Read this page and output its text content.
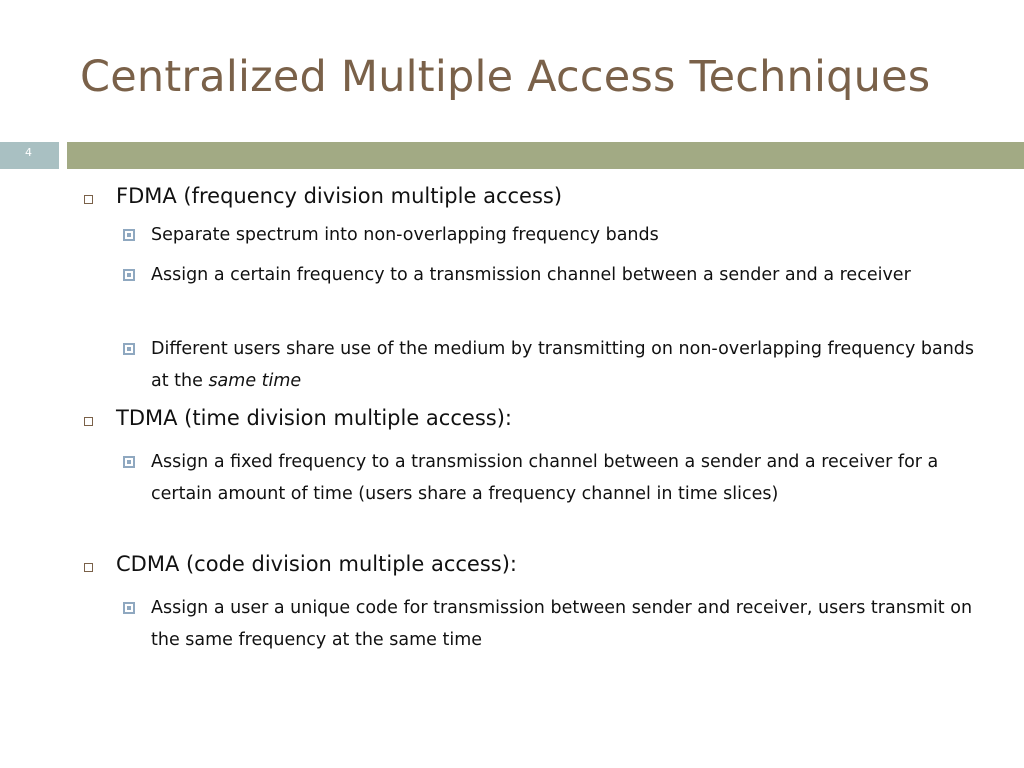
Centralized Multiple Access Techniques
4
FDMA (frequency division multiple access)
Separate spectrum into non-overlapping frequency bands
Assign a certain frequency to a transmission channel between a sender and a receiver
Different users share use of the medium by transmitting on non-overlapping frequency bands at the same time
TDMA (time division multiple access):
Assign a fixed frequency to a transmission channel between a sender and a receiver for a certain amount of time (users share a frequency channel in time slices)
CDMA (code division multiple access):
Assign a user a unique code for transmission between sender and receiver, users transmit on the same frequency at the same time
